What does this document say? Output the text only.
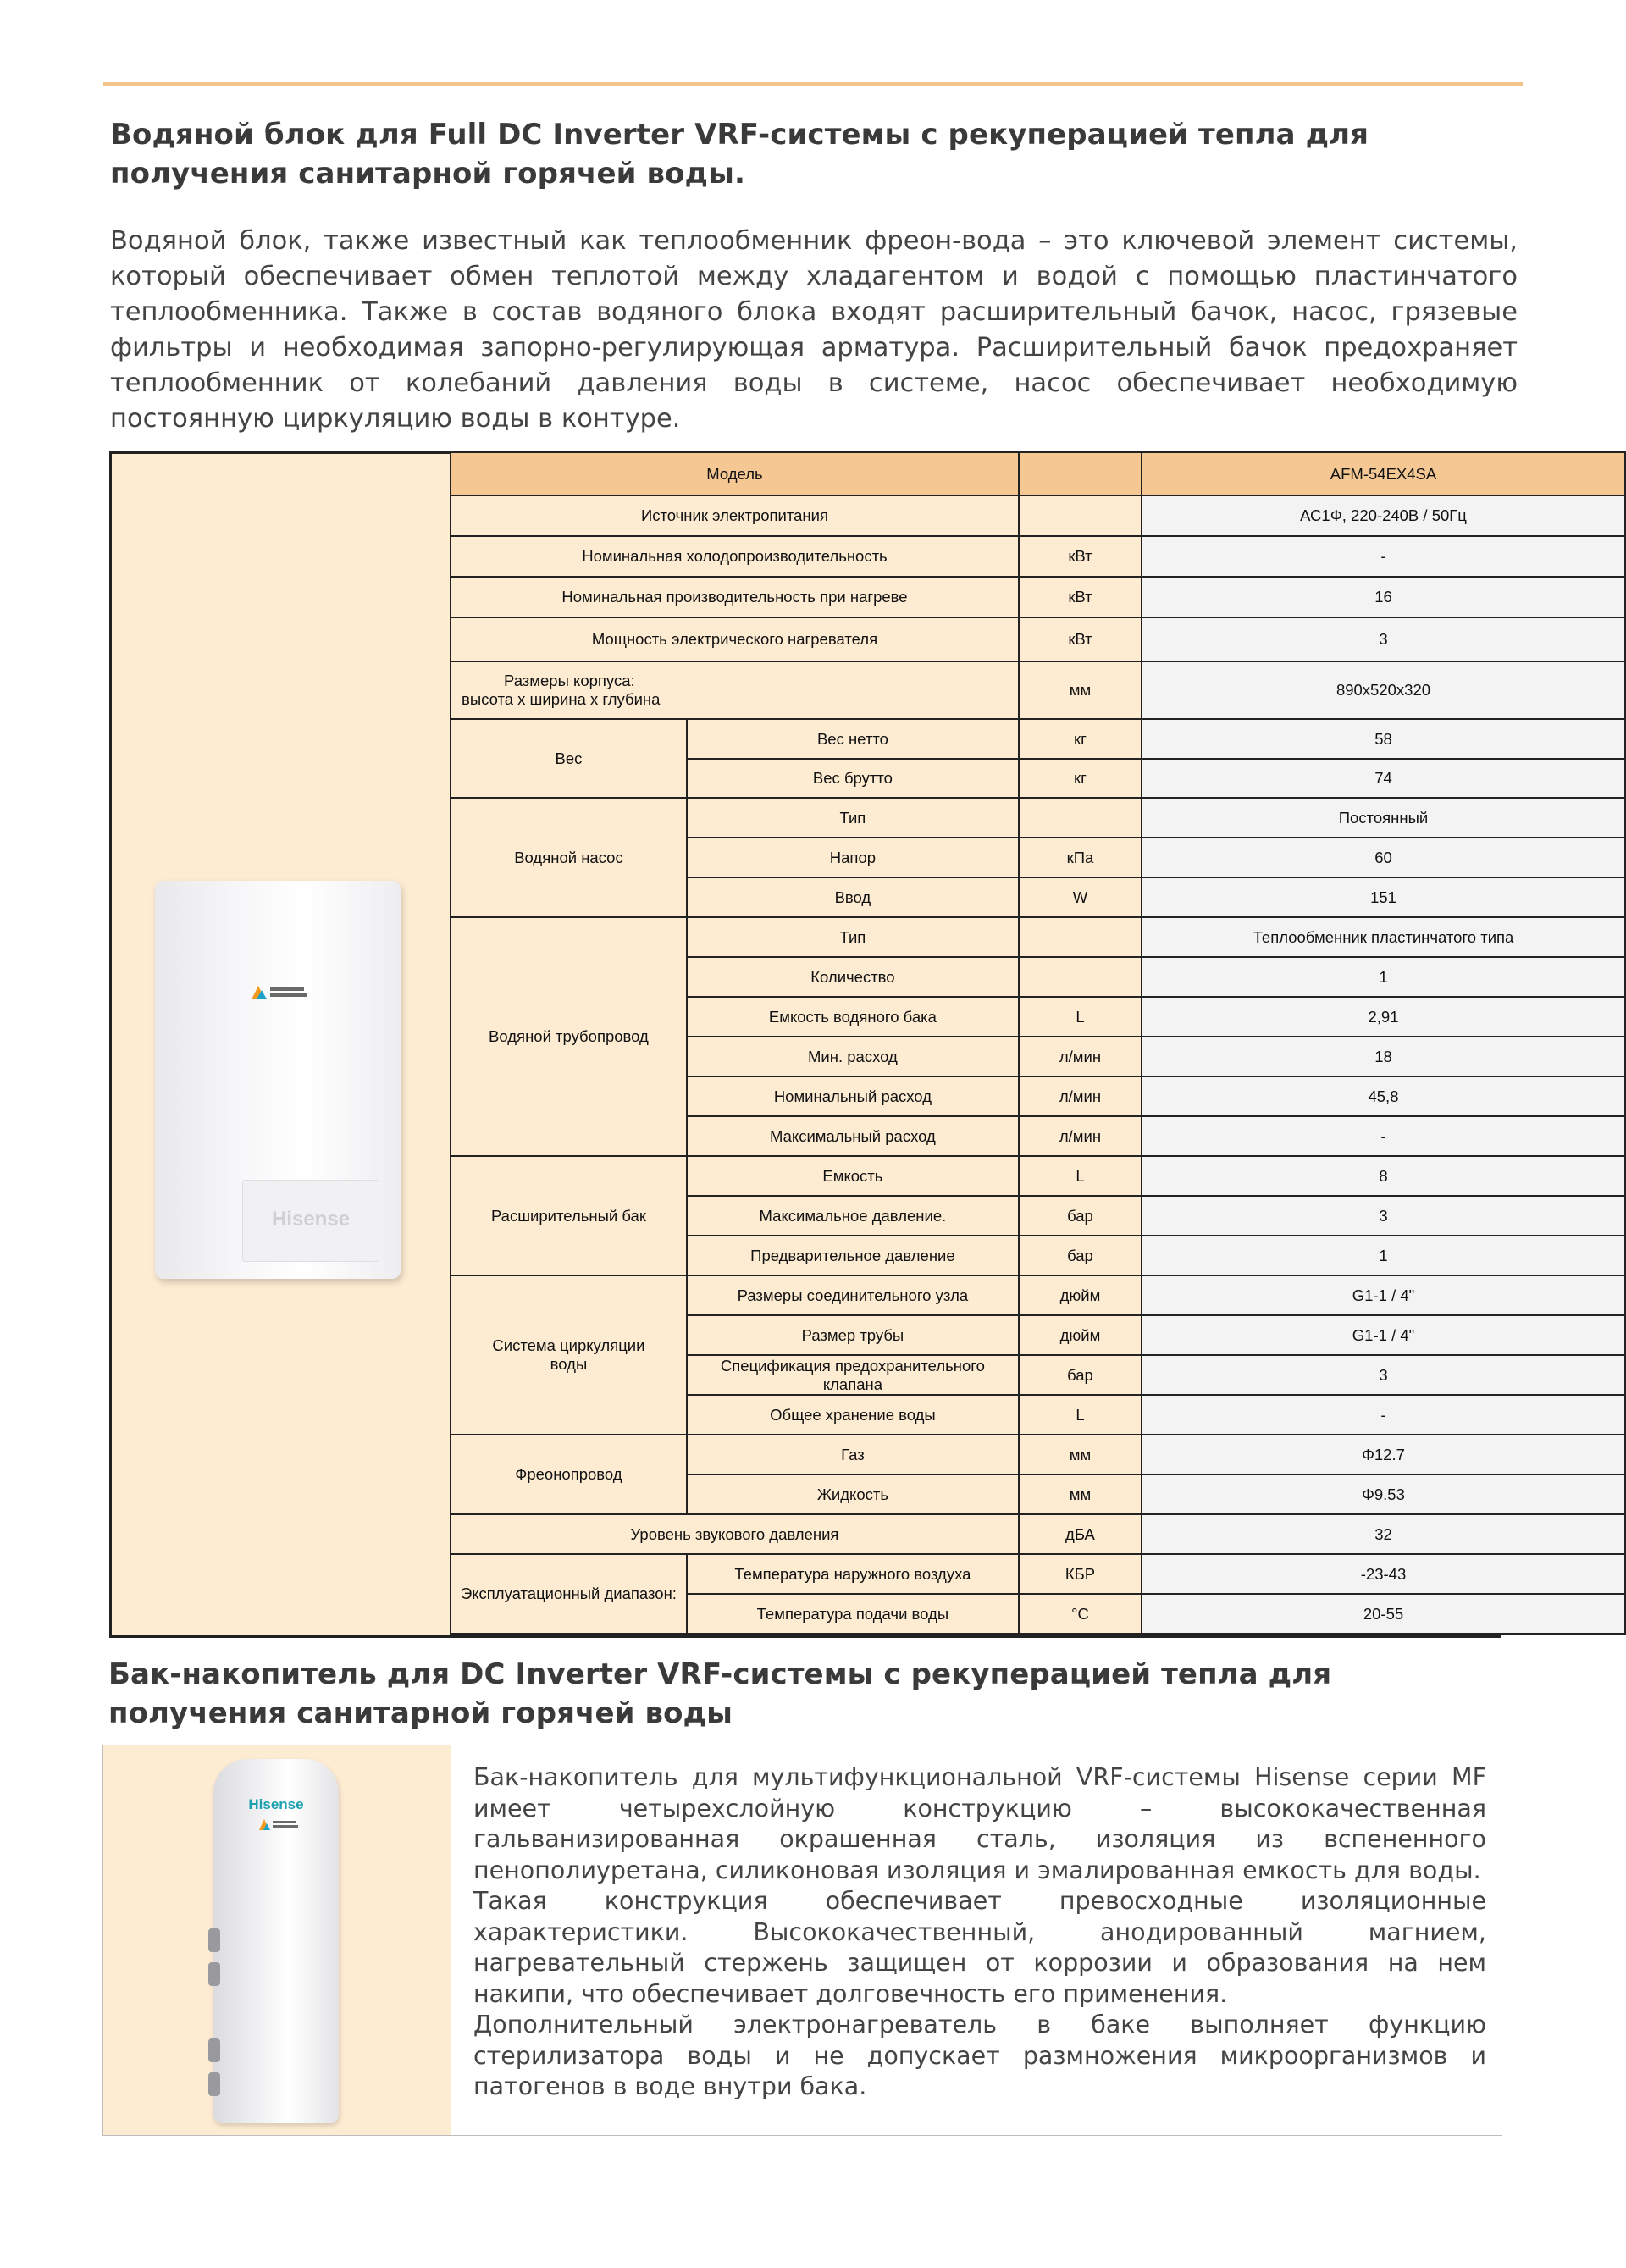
Водяной блок для Full DC Inverter VRF-системы с рекуперацией тепла для получения санитарной горячей воды.

Водяной блок, также известный как теплообменник фреон-вода – это ключевой элемент системы, который обеспечивает обмен теплотой между хладагентом и водой с помощью пластинчатого теплообменника. Также в состав водяного блока входят расширительный бачок, насос, грязевые фильтры и необходимая запорно-регулирующая арматура. Расширительный бачок предохраняет теплообменник от колебаний давления воды в системе, насос обеспечивает необходимую постоянную циркуляцию воды в контуре.

Hisense
Модель			AFM-54EX4SA
Источник электропитания			АС1Ф, 220-240В / 50Гц
Номинальная холодопроизводительность		кВт	-
Номинальная производительность при нагреве		кВт	16
Мощность электрического нагревателя		кВт	3

Размеры корпуса:
высота х ширина х глубина		мм	890x520x320
Вес	Вес нетто	кг	58
	Вес брутто	кг	74
Водяной насос	Тип		Постоянный
	Напор	кПа	60
	Ввод	W	151
Водяной трубопровод	Тип		Теплообменник пластинчатого типа
	Количество		1
	Емкость водяного бака	L	2,91
	Мин. расход	л/мин	18
	Номинальный расход	л/мин	45,8
	Максимальный расход	л/мин	-
Расширительный бак	Емкость	L	8
	Максимальное давление.	бар	3
	Предварительное давление	бар	1

Система циркуляции
воды	Размеры соединительного узла	дюйм	G1-1 / 4"
	Размер трубы	дюйм	G1-1 / 4"
	Спецификация предохранительного клапана	бар	3
	Общее хранение воды	L	-
Фреонопровод	Газ	мм	Φ12.7
	Жидкость	мм	Φ9.53
Уровень звукового давления		дБА	32
Эксплуатационный диапазон:	Температура наружного воздуха	КБР	-23-43
	Температура подачи воды	°С	20-55
Бак-накопитель для DC Inverter VRF-системы с рекуперацией тепла для получения санитарной горячей воды
Hisense

Бак-накопитель для мультифункциональной VRF-системы Hisense серии MF имеет четырехслойную конструкцию – высококачественная гальванизированная окрашенная сталь, изоляция из вспененного пенополиуретана, силиконовая изоляция и эмалированная емкость для воды.

Такая конструкция обеспечивает превосходные изоляционные характеристики. Высококачественный, анодированный магнием, нагревательный стержень защищен от коррозии и образования на нем накипи, что обеспечивает долговечность его применения.

Дополнительный электронагреватель в баке выполняет функцию стерилизатора воды и не допускает размножения микроорганизмов и патогенов в воде внутри бака.
